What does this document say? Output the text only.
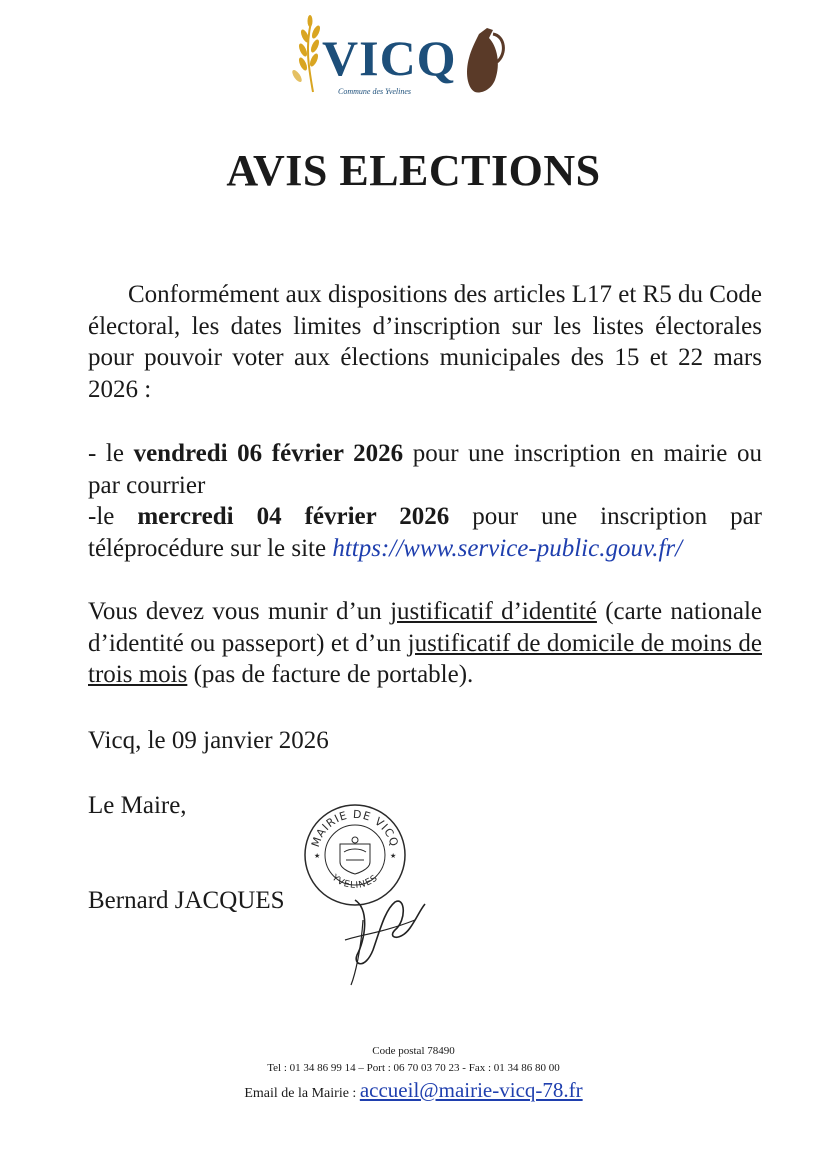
VICQ
Commune des Yvelines
AVIS ELECTIONS
Conformément aux dispositions des articles L17 et R5 du Code électoral, les dates limites d’inscription sur les listes électorales pour pouvoir voter aux élections municipales des 15 et 22 mars 2026 :
- le vendredi 06 février 2026 pour une inscription en mairie ou par courrier
-le mercredi 04 février 2026 pour une inscription par téléprocédure sur le site https://www.service-public.gouv.fr/
Vous devez vous munir d’un justificatif d’identité (carte nationale d’identité ou passeport) et d’un justificatif de domicile de moins de trois mois (pas de facture de portable).
Vicq, le 09 janvier 2026
Le Maire,
Bernard JACQUES
MAIRIE DE VICQ
YVELINES
★	★
Code postal 78490
Tel : 01 34 86 99 14 – Port : 06 70 03 70 23 - Fax : 01 34 86 80 00
Email de la Mairie : accueil@mairie-vicq-78.fr
